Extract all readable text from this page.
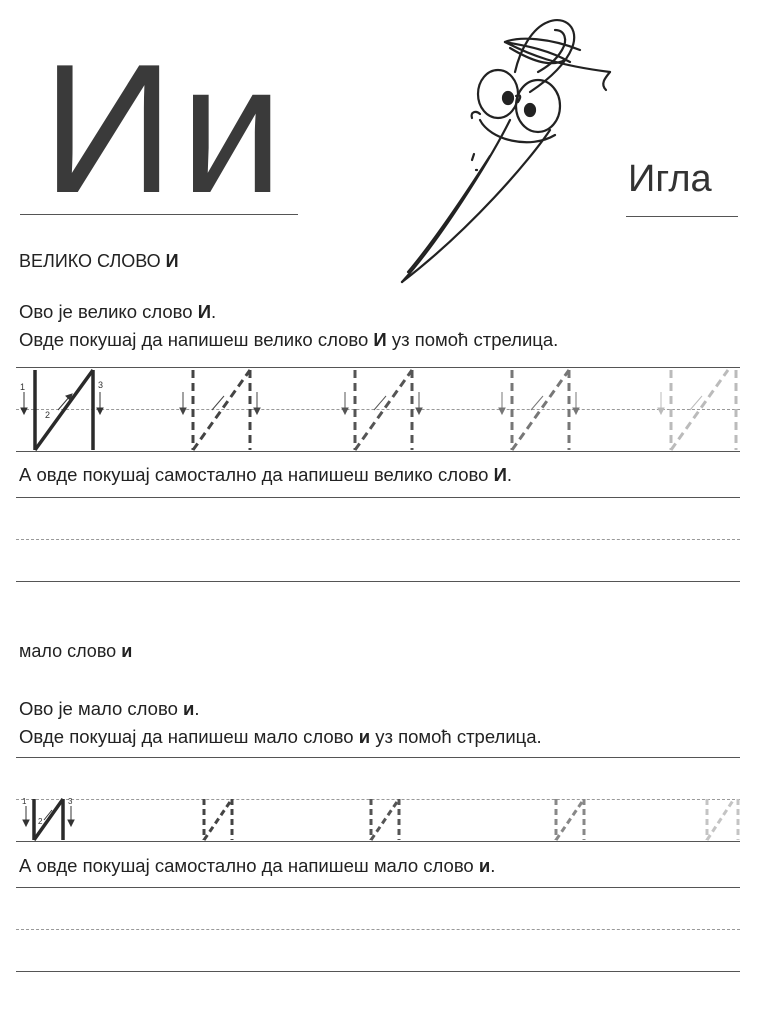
Ии	Игла
ВЕЛИКО СЛОВО И
Ово је велико слово И.
Овде покушај да напишеш велико слово И уз помоћ стрелица.
1
2
3
А овде покушај самостално да напишеш велико слово И.
мало слово и
Ово је мало слово и.
Овде покушај да напишеш мало слово и уз помоћ стрелица.
1
2
3
А овде покушај самостално да напишеш мало слово и.
